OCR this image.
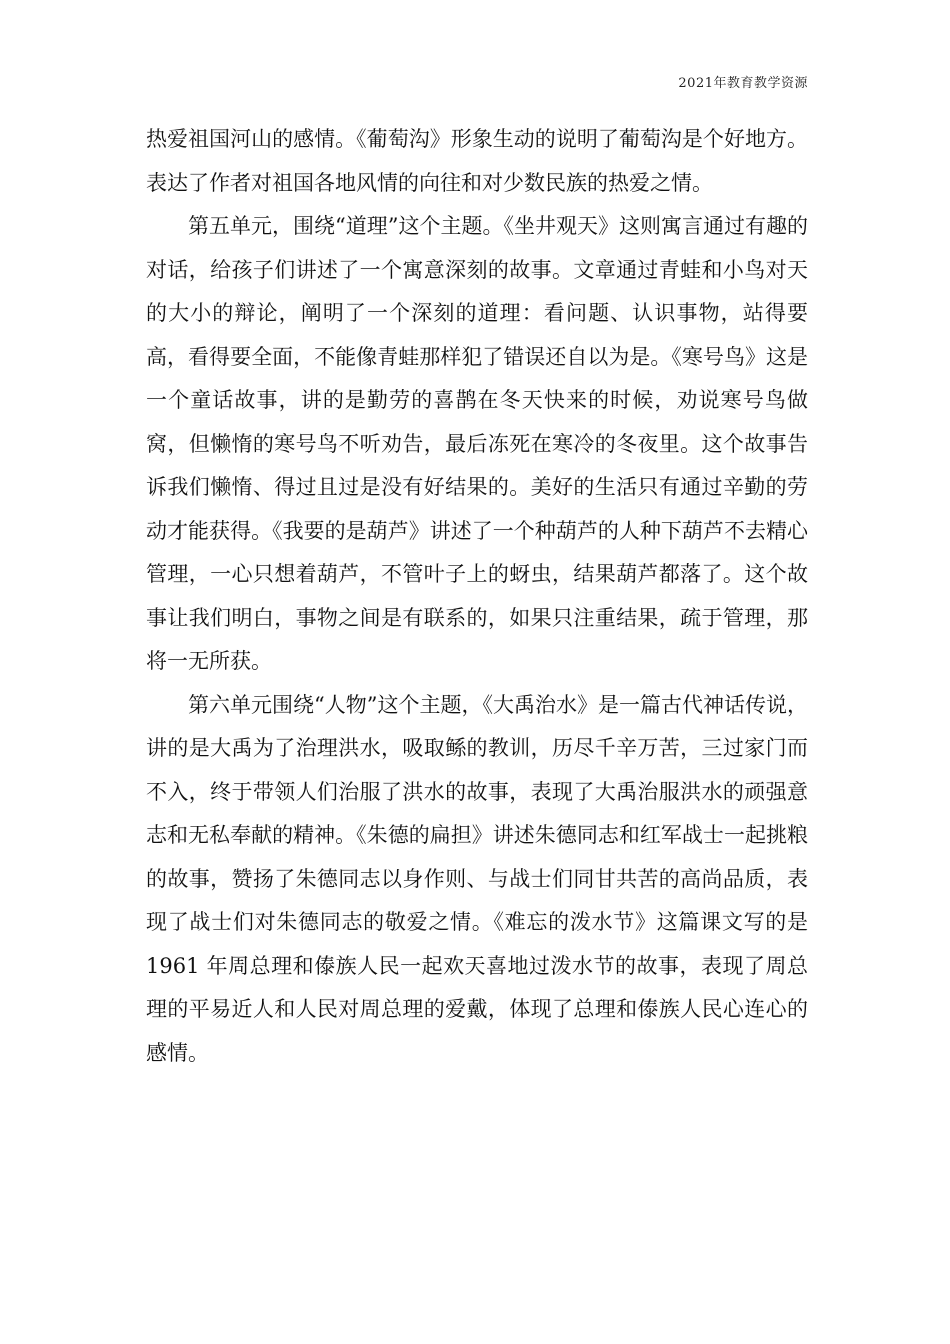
2021年教育教学资源

热爱祖国河山的感情。《葡萄沟》形象生动的说明了葡萄沟是个好地方。表达了作者对祖国各地风情的向往和对少数民族的热爱之情。

第五单元，围绕“道理”这个主题。《坐井观天》这则寓言通过有趣的对话，给孩子们讲述了一个寓意深刻的故事。文章通过青蛙和小鸟对天的大小的辩论，阐明了一个深刻的道理：看问题、认识事物，站得要高，看得要全面，不能像青蛙那样犯了错误还自以为是。《寒号鸟》这是一个童话故事，讲的是勤劳的喜鹊在冬天快来的时候，劝说寒号鸟做窝，但懒惰的寒号鸟不听劝告，最后冻死在寒冷的冬夜里。这个故事告诉我们懒惰、得过且过是没有好结果的。美好的生活只有通过辛勤的劳动才能获得。《我要的是葫芦》讲述了一个种葫芦的人种下葫芦不去精心管理，一心只想着葫芦，不管叶子上的蚜虫，结果葫芦都落了。这个故事让我们明白，事物之间是有联系的，如果只注重结果，疏于管理，那将一无所获。

第六单元围绕“人物”这个主题，《大禹治水》是一篇古代神话传说，讲的是大禹为了治理洪水，吸取鲧的教训，历尽千辛万苦，三过家门而不入，终于带领人们治服了洪水的故事，表现了大禹治服洪水的顽强意志和无私奉献的精神。《朱德的扁担》讲述朱德同志和红军战士一起挑粮的故事，赞扬了朱德同志以身作则、与战士们同甘共苦的高尚品质，表现了战士们对朱德同志的敬爱之情。《难忘的泼水节》这篇课文写的是 1961 年周总理和傣族人民一起欢天喜地过泼水节的故事，表现了周总理的平易近人和人民对周总理的爱戴，体现了总理和傣族人民心连心的感情。
